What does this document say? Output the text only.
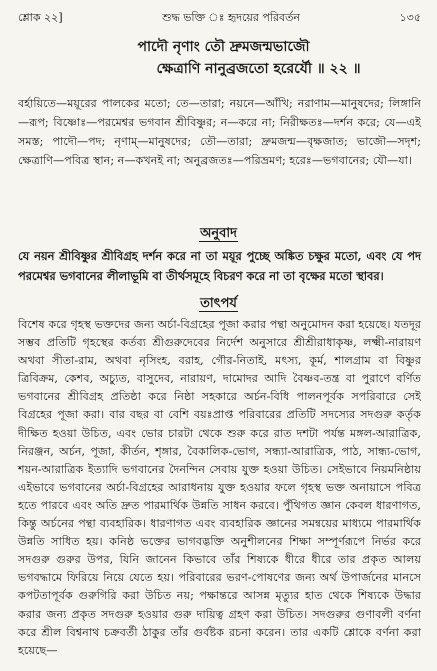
শ্লোক ২২]	শুদ্ধ ভক্তি ঃ হৃদয়ের পরিবর্তন	১৩৫
পাদৌ নৃণাং তৌ দ্রুমজন্মভাজৌ
ক্ষেত্রাণি নানুব্রজতো হরের্যৌ ॥ ২২ ॥
বর্হায়িতে—ময়ূরের পালকের মতো; তে—তারা; নয়নে—আঁখি; নরাণাম—মানুষদের; লিঙ্গানি—রূপ; বিষ্ণোঃ—পরমেশ্বর ভগবান শ্রীবিষ্ণুর; ন—করে না; নিরীক্ষতঃ—দর্শন করে; যে—এই সমস্ত; পাদৌ—পদ; নৃণাম্—মানুষদের; তৌ—তারা; দ্রুমজন্ম—বৃক্ষজাত; ভাজৌ—সদৃশ; ক্ষেত্রাণি—পবিত্র স্থান; ন—কখনই না; অনুব্রজতঃ—পরিভ্রমণ; হরেঃ—ভগবানের; যৌ—যা।
অনুবাদ
যে নয়ন শ্রীবিষ্ণুর শ্রীবিগ্রহ দর্শন করে না তা ময়ূর পুচ্ছে অঙ্কিত চক্ষুর মতো, এবং যে পদ পরমেশ্বর ভগবানের লীলাভূমি বা তীর্থসমূহে বিচরণ করে না তা বৃক্ষের মতো স্থাবর।
তাৎপর্য
বিশেষ করে গৃহস্থ ভক্তদের জন্য অর্চা-বিগ্রহের পূজা করার পন্থা অনুমোদন করা হয়েছে। যতদূর সম্ভব প্রতিটি গৃহস্থের কর্তব্য শ্রীগুরুদেবের নির্দেশ অনুসারে শ্রীশ্রীরাধাকৃষ্ণ, লক্ষ্মী-নারায়ণ অথবা সীতা-রাম, অথবা নৃসিংহ, বরাহ, গৌর-নিতাই, মৎস্য, কূর্ম, শালগ্রাম বা বিষ্ণুর ত্রিবিক্রম, কেশব, অচ্যুত, বাসুদেব, নারায়ণ, দামোদর আদি বৈষ্ণব-তন্ত্র বা পুরাণে বর্ণিত ভগবানের শ্রীবিগ্রহ প্রতিষ্ঠা করে নিষ্ঠা সহকারে অর্চন-বিধি পালনপূর্বক সপরিবারে সেই বিগ্রহের পূজা করা। বার বছর বা বেশি বয়ঃপ্রাপ্ত পরিবারের প্রতিটি সদস্যের সদগুরু কর্তৃক দীক্ষিত হওয়া উচিত, এবং ভোর চারটা থেকে শুরু করে রাত দশটা পর্যন্ত মঙ্গল-আরাত্রিক, নিরঞ্জন, অর্চন, পূজা, কীর্তন, শৃঙ্গার, বৈকালিক-ভোগ, সন্ধ্যা-আরাত্রিক, পাঠ, সান্ধ্য-ভোগ, শয়ন-আরাত্রিক ইত্যাদি ভগবানের দৈনন্দিন সেবায় যুক্ত হওয়া উচিত। সেইভাবে নিয়মনিষ্ঠায় এইভাবে ভগবানের অর্চা-বিগ্রহের আরাধনায় যুক্ত হওয়ার ফলে গৃহস্থ ভক্ত অনায়াসে পবিত্র হতে পারবে এবং অতি দ্রুত পারমার্থিক উন্নতি সাধন করবে। পুঁথিগত জ্ঞান কেবল ধারণাগত, কিন্তু অর্চনের পন্থা ব্যবহারিক। ধারণাগত এবং ব্যবহারিক জ্ঞানের সমন্বয়ের মাধ্যমে পারমার্থিক উন্নতি সাধিত হয়। কনিষ্ঠ ভক্তের ভাগবদ্ভক্তি অনুশীলনের শিক্ষা সম্পূর্ণরূপে নির্ভর করে সদগুরু গুরুর উপর, যিনি জানেন কিভাবে তাঁর শিষ্যকে ধীরে ধীরে তার প্রকৃত আলয় ভগবদ্ধামে ফিরিয়ে নিয়ে যেতে হয়। পরিবারের ভরণ-পোষণের জন্য অর্থ উপার্জনের মানসে কপটতাপূর্বক গুরুগিরি করা উচিত নয়; পক্ষান্তরে আসন্ন মৃত্যুর হাত থেকে শিষ্যকে উদ্ধার করার জন্য প্রকৃত সদগুরু হওয়ার গুরু দায়িত্ব গ্রহণ করা উচিত। সদগুরুর গুণাবলী বর্ণনা করে শ্রীল বিশ্বনাথ চক্রবর্তী ঠাকুর তাঁর গুর্বষ্টক রচনা করেন। তার একটি শ্লোকে বর্ণনা করা হয়েছে—
